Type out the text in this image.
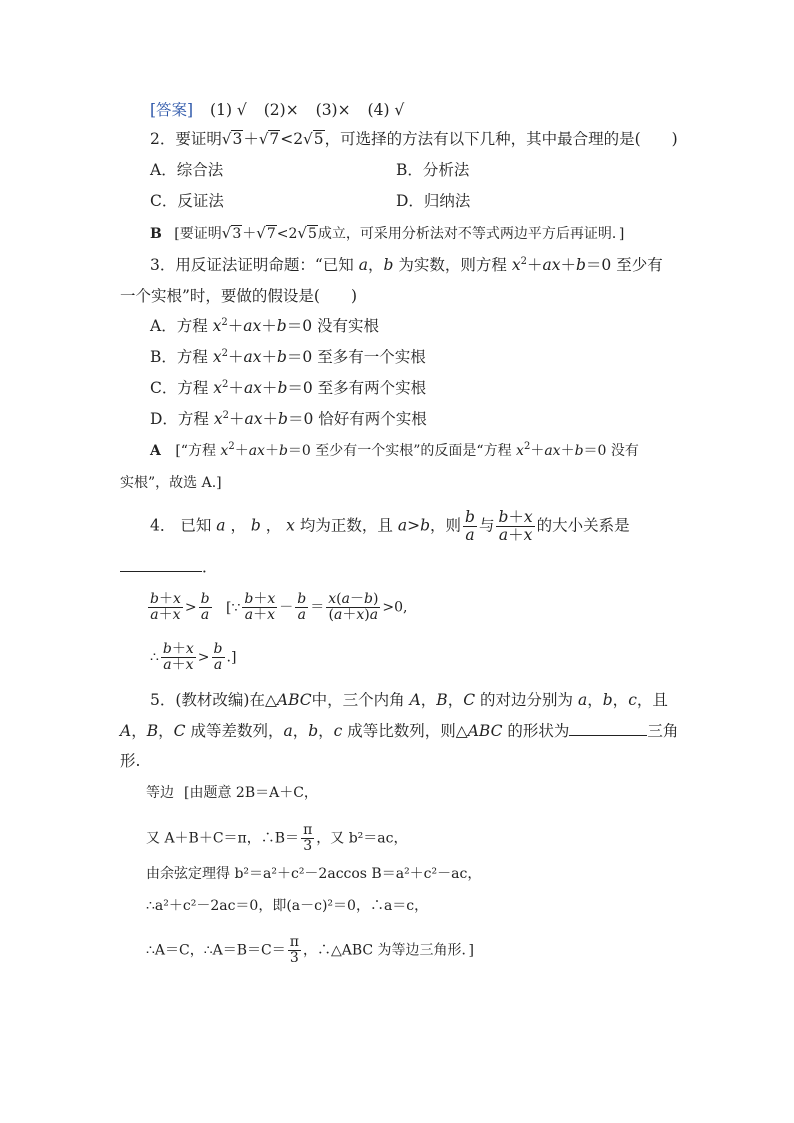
[答案] (1) √ (2)× (3)× (4) √
2．要证明√3＋√7<2√5，可选择的方法有以下几种，其中最合理的是(　　)
A．综合法	B．分析法
C．反证法	D．归纳法
B [要证明√3＋√7<2√5成立，可采用分析法对不等式两边平方后再证明．]
3．用反证法证明命题：“已知 a，b 为实数，则方程 $x^2+ax+b=0$ 至少有
一个实根”时，要做的假设是(　　)
A．方程 $x^2+ax+b=0$ 没有实根
B．方程 $x^2+ax+b=0$ 至多有一个实根
C．方程 $x^2+ax+b=0$ 至多有两个实根
D．方程 $x^2+ax+b=0$ 恰好有两个实根
A [“方程 $x^2+ax+b=0$ 至少有一个实根”的反面是“方程 $x^2+ax+b=0$ 没有
实根”，故选 A.]
4． 已知 a ， b ， x 均为正数，且 a>b，则 $\frac{b}{a}$ 与 $\frac{b+x}{a+x}$ 的大小关系是
．
$\frac{b+x}{a+x} > \frac{b}{a}$ [∵ $\frac{b+x}{a+x} - \frac{b}{a} = \frac{x(a-b)}{(a+x)a} >0$,
∴ $\frac{b+x}{a+x} > \frac{b}{a}$ .]
5．(教材改编)在△ABC中，三个内角 A，B，C 的对边分别为 a，b，c，且
A，B，C 成等差数列，a，b，c 成等比数列，则△ABC 的形状为	三角
形.
等边 [由题意 2B＝A＋C，
又 A＋B＋C＝π，∴B＝ $\frac{\pi}{3}$ ，又 b²＝ac，
由余弦定理得 b²＝a²＋c²－2accos B＝a²＋c²－ac，
∴a²＋c²－2ac＝0，即(a－c)²＝0，∴a＝c，
∴A＝C，∴A＝B＝C＝ $\frac{\pi}{3}$ ，∴△ABC 为等边三角形．]
